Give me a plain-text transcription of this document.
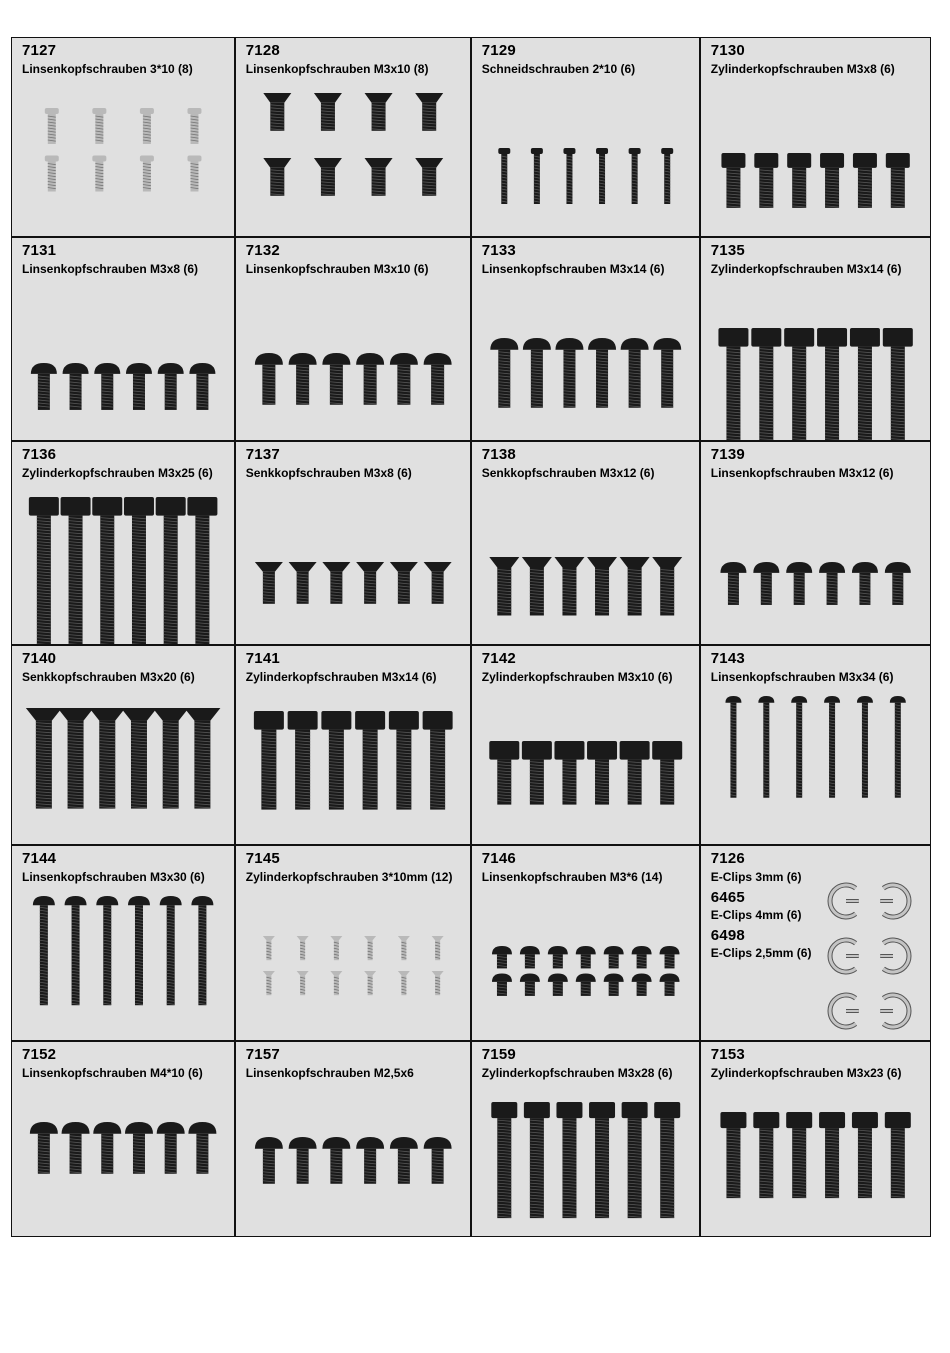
7127
Linsenkopfschrauben 3*10 (8)
7128
Linsenkopfschrauben M3x10 (8)
7129
Schneidschrauben 2*10 (6)
7130
Zylinderkopfschrauben M3x8 (6)
7131
Linsenkopfschrauben M3x8 (6)
7132
Linsenkopfschrauben M3x10 (6)
7133
Linsenkopfschrauben M3x14 (6)
7135
Zylinderkopfschrauben M3x14 (6)
7136
Zylinderkopfschrauben M3x25 (6)
7137
Senkkopfschrauben M3x8 (6)
7138
Senkkopfschrauben M3x12 (6)
7139
Linsenkopfschrauben M3x12 (6)
7140
Senkkopfschrauben M3x20 (6)
7141
Zylinderkopfschrauben M3x14 (6)
7142
Zylinderkopfschrauben M3x10 (6)
7143
Linsenkopfschrauben M3x34 (6)
7144
Linsenkopfschrauben M3x30 (6)
7145
Zylinderkopfschrauben 3*10mm (12)
7146
Linsenkopfschrauben M3*6 (14)
7126
E-Clips 3mm (6)
6465
E-Clips 4mm (6)
6498
E-Clips 2,5mm (6)
7152
Linsenkopfschrauben M4*10 (6)
7157
Linsenkopfschrauben M2,5x6
7159
Zylinderkopfschrauben M3x28 (6)
7153
Zylinderkopfschrauben M3x23 (6)
